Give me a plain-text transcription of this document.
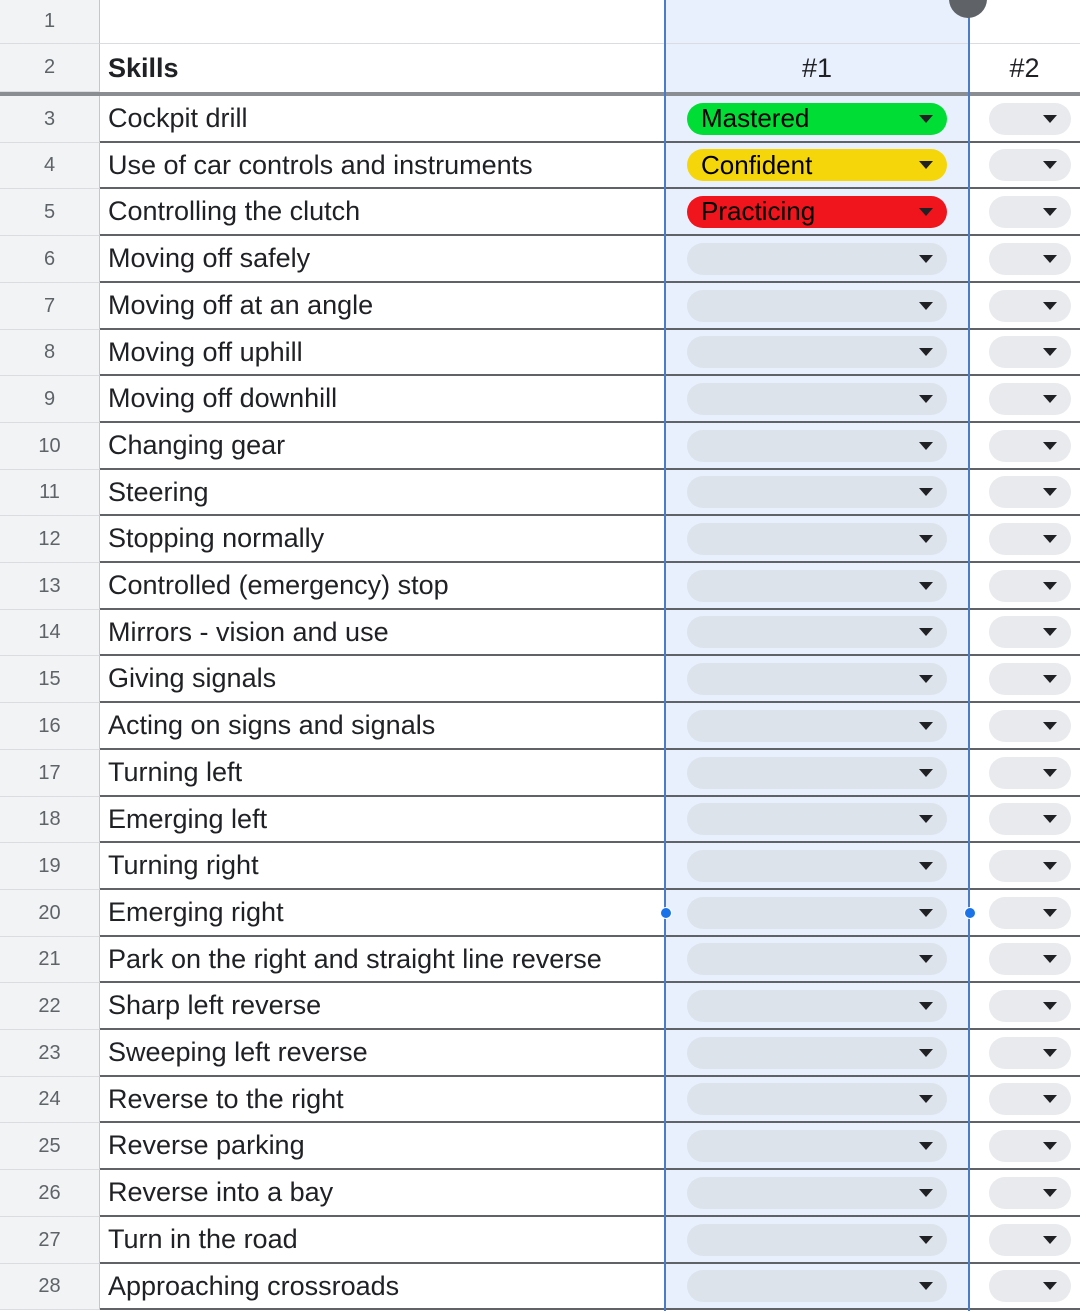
1
2	Skills	#1	#2
3	Cockpit drill	Mastered
4	Use of car controls and instruments	Confident
5	Controlling the clutch	Practicing
6	Moving off safely
7	Moving off at an angle
8	Moving off uphill
9	Moving off downhill
10	Changing gear
11	Steering
12	Stopping normally
13	Controlled (emergency) stop
14	Mirrors - vision and use
15	Giving signals
16	Acting on signs and signals
17	Turning left
18	Emerging left
19	Turning right
20	Emerging right
21	Park on the right and straight line reverse
22	Sharp left reverse
23	Sweeping left reverse
24	Reverse to the right
25	Reverse parking
26	Reverse into a bay
27	Turn in the road
28	Approaching crossroads
